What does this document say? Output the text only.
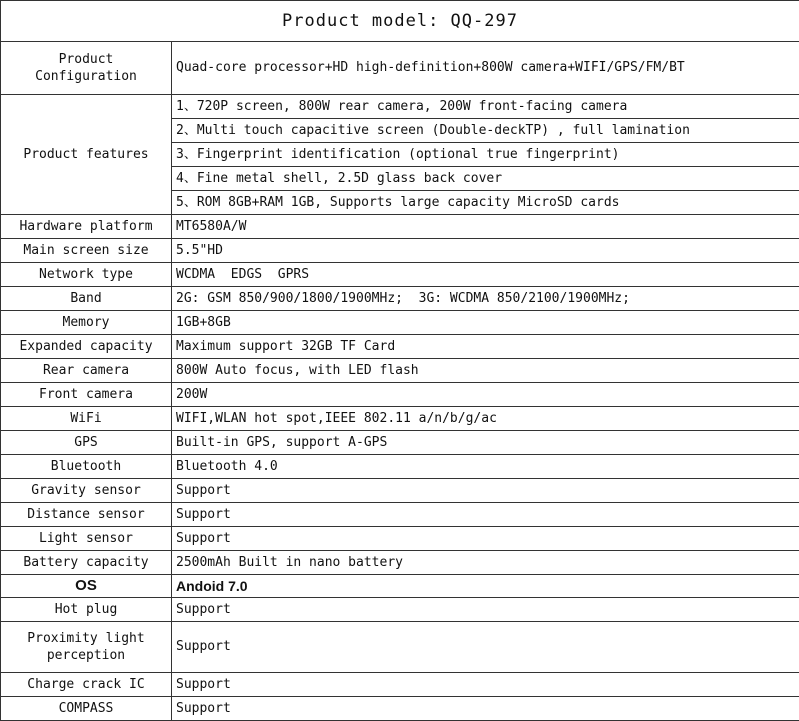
Product model: QQ-297	

Product
Configuration	Quad-core processor+HD high-definition+800W camera+WIFI/GPS/FM/BT
Product features	1、720P screen, 800W rear camera, 200W front-facing camera
	2、Multi touch capacitive screen (Double-deckTP) , full lamination
	3、Fingerprint identification (optional true fingerprint)
	4、Fine metal shell, 2.5D glass back cover
	5、ROM 8GB+RAM 1GB, Supports large capacity MicroSD cards
Hardware platform	MT6580A/W
Main screen size	5.5"HD
Network type	WCDMA  EDGS  GPRS
Band	2G: GSM 850/900/1800/1900MHz;  3G: WCDMA 850/2100/1900MHz;
Memory	1GB+8GB
Expanded capacity	Maximum support 32GB TF Card
Rear camera	800W Auto focus, with LED flash
Front camera	200W
WiFi	WIFI,WLAN hot spot,IEEE 802.11 a/n/b/g/ac
GPS	Built-in GPS, support A-GPS
Bluetooth	Bluetooth 4.0
Gravity sensor	Support
Distance sensor	Support
Light sensor	Support
Battery capacity	2500mAh Built in nano battery
OS	Andoid 7.0
Hot plug	Support

Proximity light
perception	Support
Charge crack IC	Support
COMPASS	Support
